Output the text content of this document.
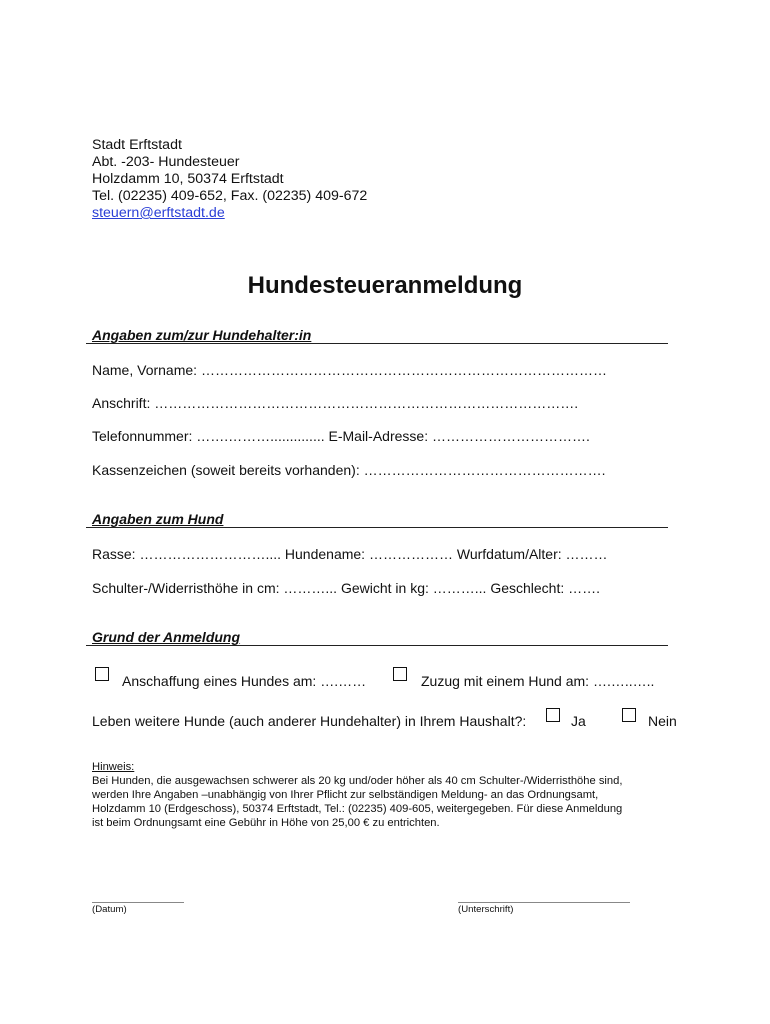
Stadt Erftstadt
Abt. -203- Hundesteuer
Holzdamm 10, 50374 Erftstadt
Tel. (02235) 409-652, Fax. (02235) 409-672
steuern@erftstadt.de
Hundesteueranmeldung
Angaben zum/zur Hundehalter:in
Name, Vorname: ……………………………………………………………………………
Anschrift: ……………………………………………………………………………….
Telefonnummer: …….……….............. E-Mail-Adresse: …………………………….
Kassenzeichen (soweit bereits vorhanden): …………………………………………….
Angaben zum Hund
Rasse: ……………………….... Hundename: ……………… Wurfdatum/Alter: ………
Schulter-/Widerristhöhe in cm: ………... Gewicht in kg: ………... Geschlecht: …….
Grund der Anmeldung
Anschaffung eines Hundes am: ….……	Zuzug mit einem Hund am: ….…..…..
Leben weitere Hunde (auch anderer Hundehalter) in Ihrem Haushalt?:	Ja	Nein
Hinweis:
Bei Hunden, die ausgewachsen schwerer als 20 kg und/oder höher als 40 cm Schulter-/Widerristhöhe sind,
werden Ihre Angaben –unabhängig von Ihrer Pflicht zur selbständigen Meldung- an das Ordnungsamt,
Holzdamm 10 (Erdgeschoss), 50374 Erftstadt, Tel.: (02235) 409-605, weitergegeben. Für diese Anmeldung
ist beim Ordnungsamt eine Gebühr in Höhe von 25,00 € zu entrichten.
(Datum)	(Unterschrift)
